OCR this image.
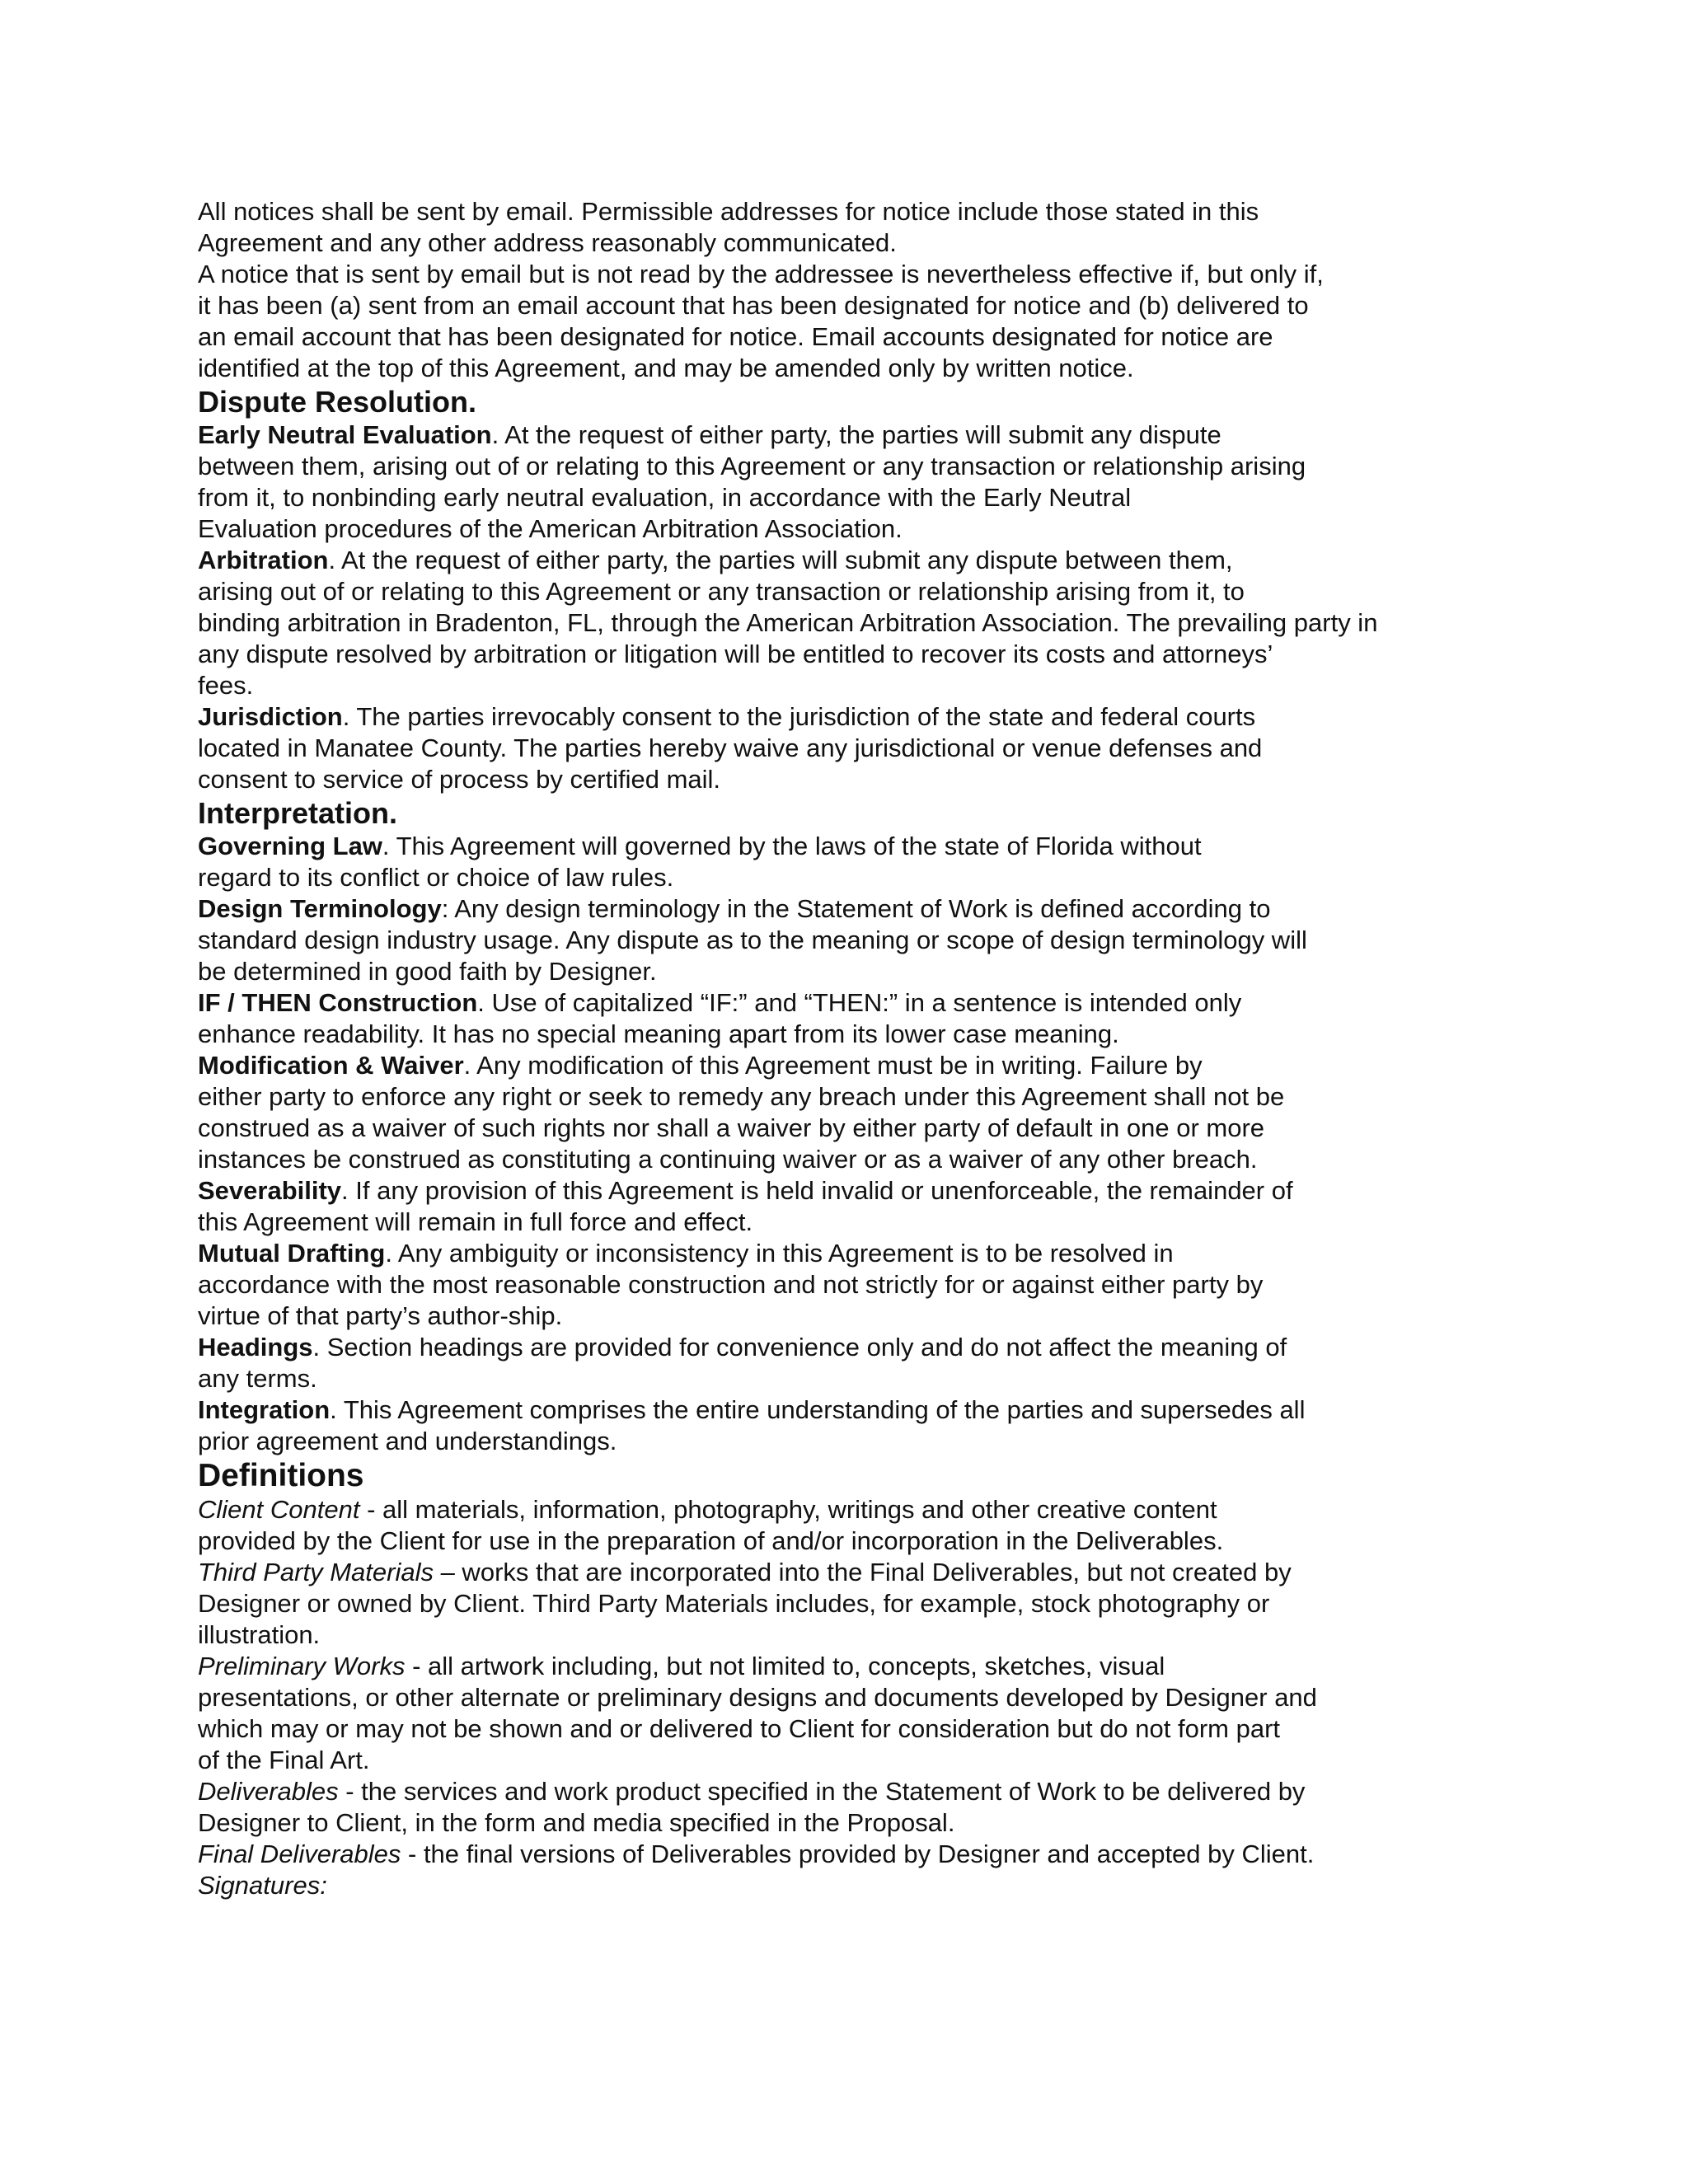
All notices shall be sent by email. Permissible addresses for notice include those stated in this

Agreement and any other address reasonably communicated.

A notice that is sent by email but is not read by the addressee is nevertheless effective if, but only if,

it has been (a) sent from an email account that has been designated for notice and (b) delivered to

an email account that has been designated for notice. Email accounts designated for notice are

identified at the top of this Agreement, and may be amended only by written notice.

Dispute Resolution.

Early Neutral Evaluation. At the request of either party, the parties will submit any dispute

between them, arising out of or relating to this Agreement or any transaction or relationship arising

from it, to nonbinding early neutral evaluation, in accordance with the Early Neutral

Evaluation procedures of the American Arbitration Association.

Arbitration. At the request of either party, the parties will submit any dispute between them,

arising out of or relating to this Agreement or any transaction or relationship arising from it, to

binding arbitration in Bradenton, FL, through the American Arbitration Association. The prevailing party in

any dispute resolved by arbitration or litigation will be entitled to recover its costs and attorneys’

fees.

Jurisdiction. The parties irrevocably consent to the jurisdiction of the state and federal courts

located in Manatee County. The parties hereby waive any jurisdictional or venue defenses and

consent to service of process by certified mail.

Interpretation.

Governing Law. This Agreement will governed by the laws of the state of Florida without

regard to its conflict or choice of law rules.

Design Terminology: Any design terminology in the Statement of Work is defined according to

standard design industry usage. Any dispute as to the meaning or scope of design terminology will

be determined in good faith by Designer.

IF / THEN Construction. Use of capitalized “IF:” and “THEN:” in a sentence is intended only

enhance readability. It has no special meaning apart from its lower case meaning.

Modification & Waiver. Any modification of this Agreement must be in writing. Failure by

either party to enforce any right or seek to remedy any breach under this Agreement shall not be

construed as a waiver of such rights nor shall a waiver by either party of default in one or more

instances be construed as constituting a continuing waiver or as a waiver of any other breach.

Severability. If any provision of this Agreement is held invalid or unenforceable, the remainder of

this Agreement will remain in full force and effect.

Mutual Drafting. Any ambiguity or inconsistency in this Agreement is to be resolved in

accordance with the most reasonable construction and not strictly for or against either party by

virtue of that party’s author-ship.

Headings. Section headings are provided for convenience only and do not affect the meaning of

any terms.

Integration. This Agreement comprises the entire understanding of the parties and supersedes all

prior agreement and understandings.

Definitions

Client Content - all materials, information, photography, writings and other creative content

provided by the Client for use in the preparation of and/or incorporation in the Deliverables.

Third Party Materials – works that are incorporated into the Final Deliverables, but not created by

Designer or owned by Client. Third Party Materials includes, for example, stock photography or

illustration.

Preliminary Works - all artwork including, but not limited to, concepts, sketches, visual

presentations, or other alternate or preliminary designs and documents developed by Designer and

which may or may not be shown and or delivered to Client for consideration but do not form part

of the Final Art.

Deliverables - the services and work product specified in the Statement of Work to be delivered by

Designer to Client, in the form and media specified in the Proposal.

Final Deliverables - the final versions of Deliverables provided by Designer and accepted by Client.

Signatures:
